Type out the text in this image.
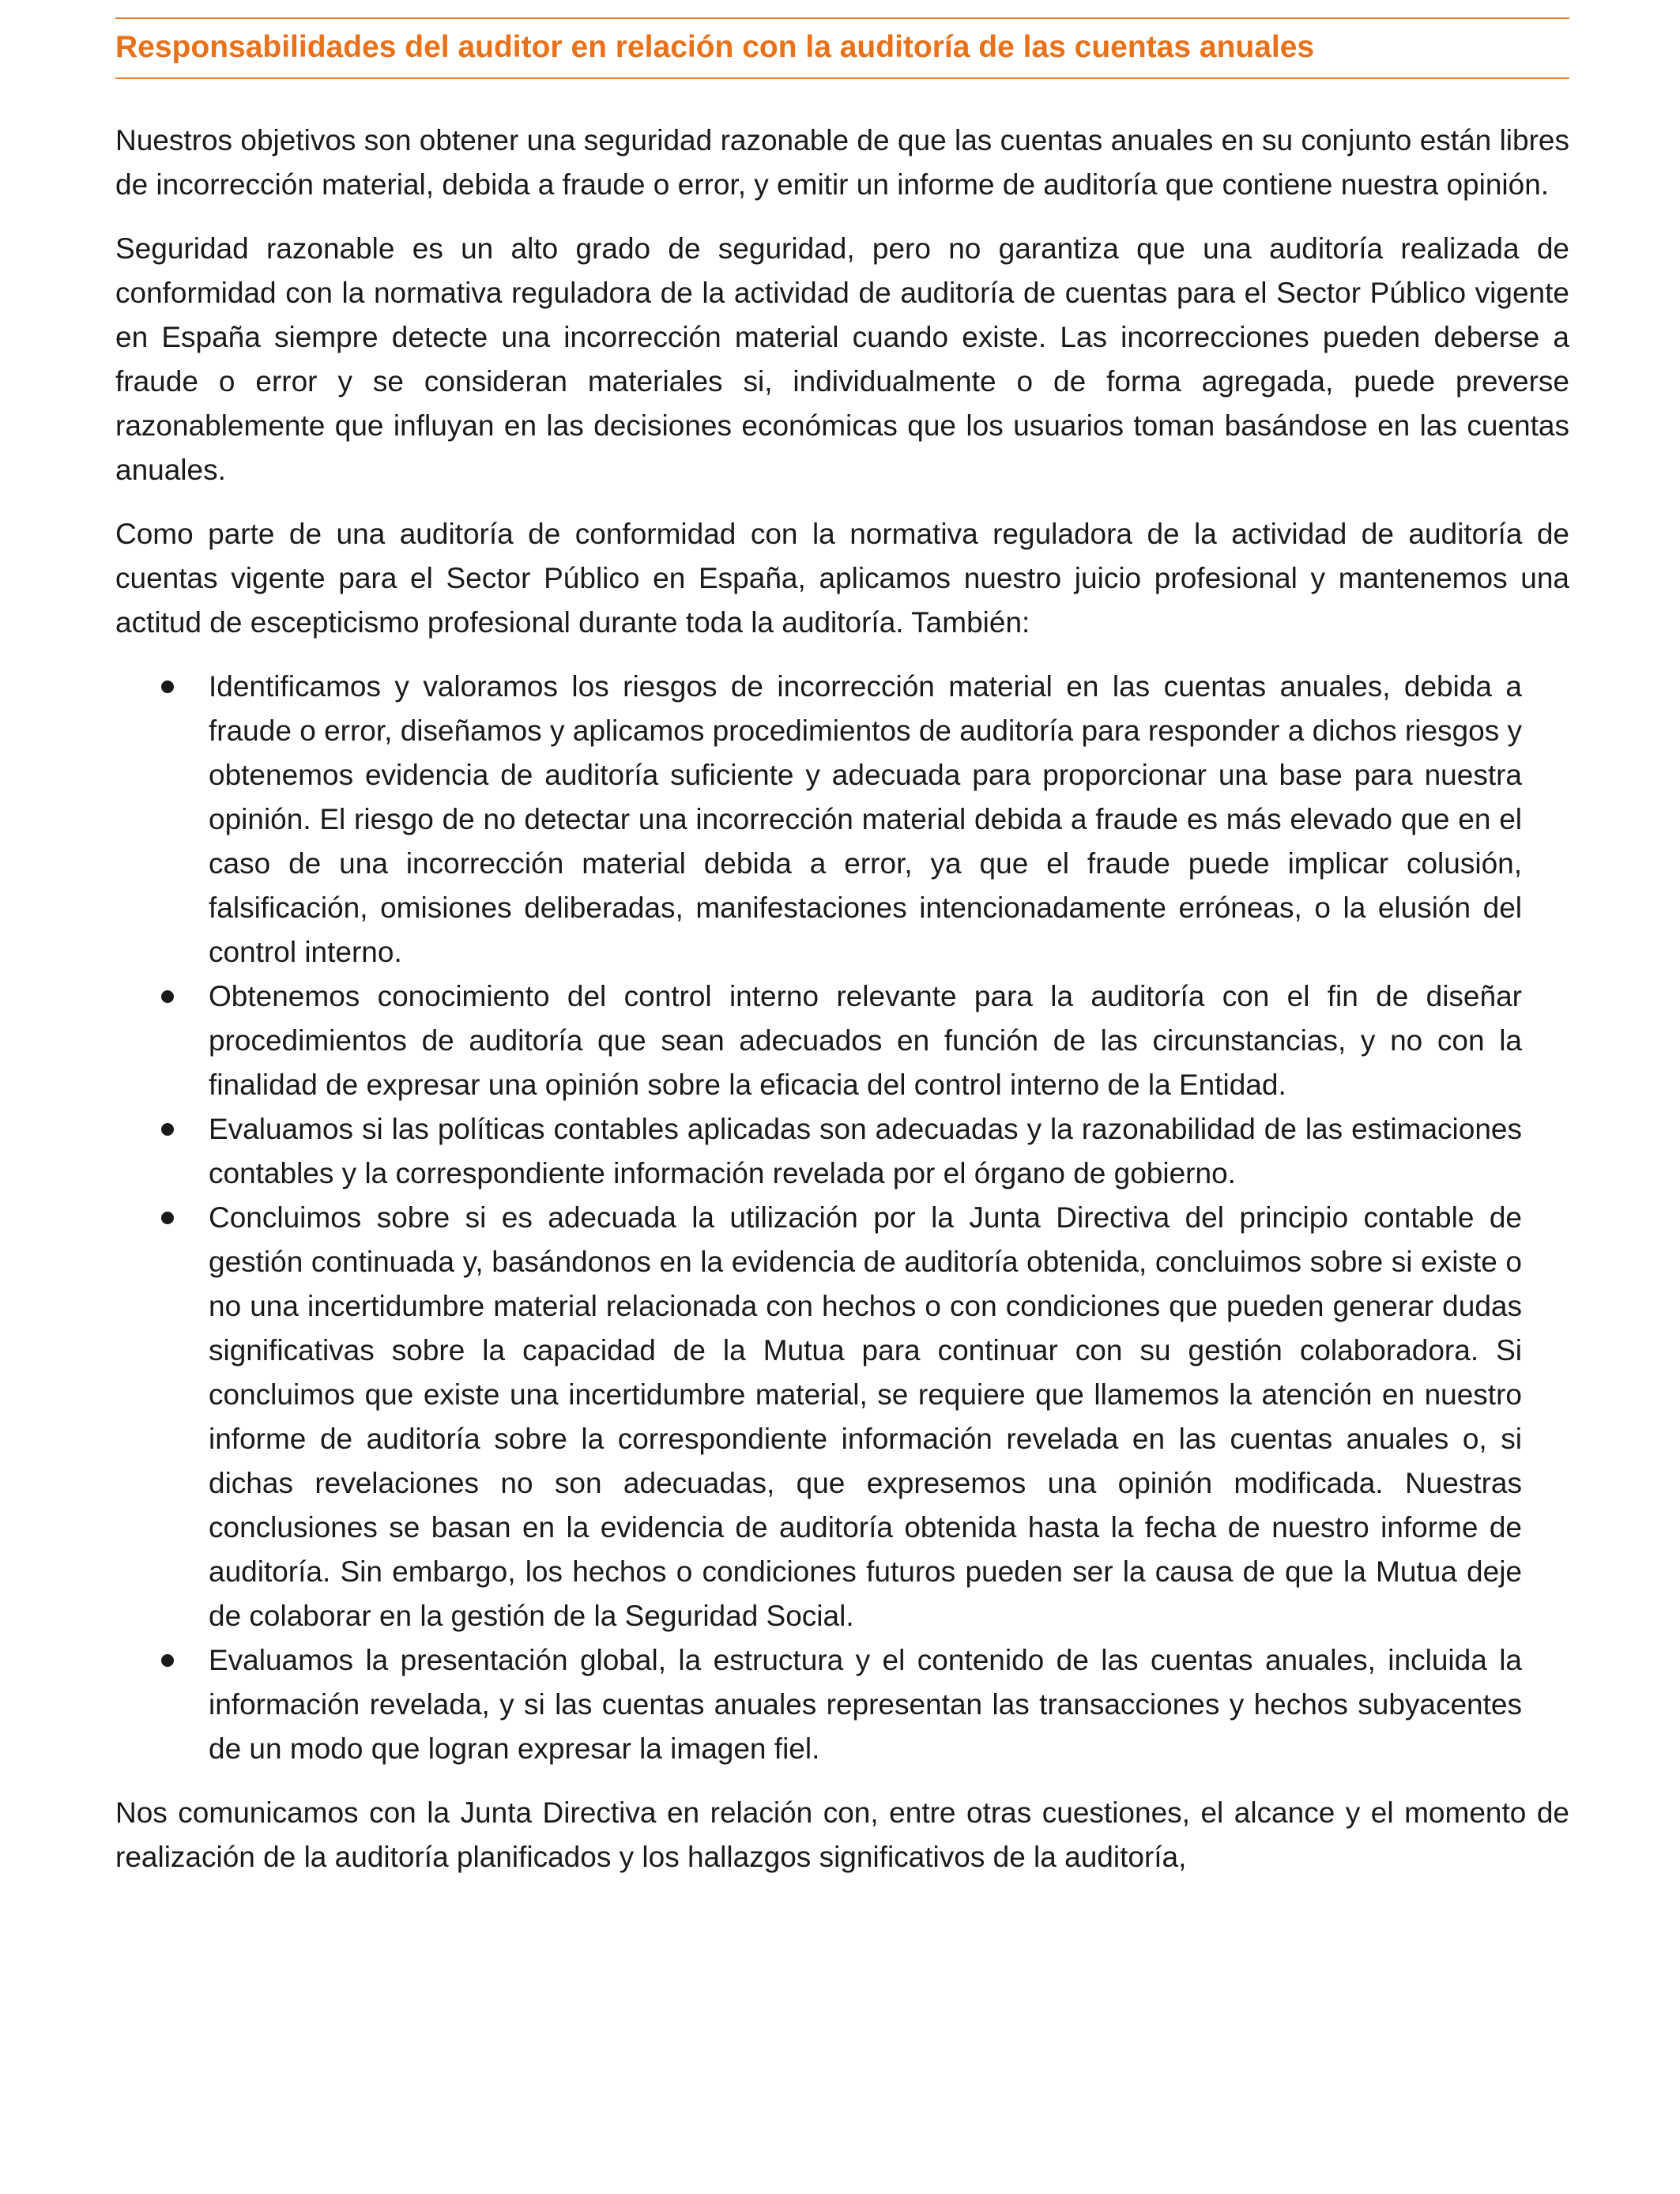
Responsabilidades del auditor en relación con la auditoría de las cuentas anuales

Nuestros objetivos son obtener una seguridad razonable de que las cuentas anuales en su conjunto están libres de incorrección material, debida a fraude o error, y emitir un informe de auditoría que contiene nuestra opinión.

Seguridad razonable es un alto grado de seguridad, pero no garantiza que una auditoría realizada de conformidad con la normativa reguladora de la actividad de auditoría de cuentas para el Sector Público vigente en España siempre detecte una incorrección material cuando existe. Las incorrecciones pueden deberse a fraude o error y se consideran materiales si, individualmente o de forma agregada, puede preverse razonablemente que influyan en las decisiones económicas que los usuarios toman basándose en las cuentas anuales.

Como parte de una auditoría de conformidad con la normativa reguladora de la actividad de auditoría de cuentas vigente para el Sector Público en España, aplicamos nuestro juicio profesional y mantenemos una actitud de escepticismo profesional durante toda la auditoría. También:

Identificamos y valoramos los riesgos de incorrección material en las cuentas anuales, debida a fraude o error, diseñamos y aplicamos procedimientos de auditoría para responder a dichos riesgos y obtenemos evidencia de auditoría suficiente y adecuada para proporcionar una base para nuestra opinión. El riesgo de no detectar una incorrección material debida a fraude es más elevado que en el caso de una incorrección material debida a error, ya que el fraude puede implicar colusión, falsificación, omisiones deliberadas, manifestaciones intencionadamente erróneas, o la elusión del control interno.
Obtenemos conocimiento del control interno relevante para la auditoría con el fin de diseñar procedimientos de auditoría que sean adecuados en función de las circunstancias, y no con la finalidad de expresar una opinión sobre la eficacia del control interno de la Entidad.
Evaluamos si las políticas contables aplicadas son adecuadas y la razonabilidad de las estimaciones contables y la correspondiente información revelada por el órgano de gobierno.
Concluimos sobre si es adecuada la utilización por la Junta Directiva del principio contable de gestión continuada y, basándonos en la evidencia de auditoría obtenida, concluimos sobre si existe o no una incertidumbre material relacionada con hechos o con condiciones que pueden generar dudas significativas sobre la capacidad de la Mutua para continuar con su gestión colaboradora. Si concluimos que existe una incertidumbre material, se requiere que llamemos la atención en nuestro informe de auditoría sobre la correspondiente información revelada en las cuentas anuales o, si dichas revelaciones no son adecuadas, que expresemos una opinión modificada. Nuestras conclusiones se basan en la evidencia de auditoría obtenida hasta la fecha de nuestro informe de auditoría. Sin embargo, los hechos o condiciones futuros pueden ser la causa de que la Mutua deje de colaborar en la gestión de la Seguridad Social.
Evaluamos la presentación global, la estructura y el contenido de las cuentas anuales, incluida la información revelada, y si las cuentas anuales representan las transacciones y hechos subyacentes de un modo que logran expresar la imagen fiel.

Nos comunicamos con la Junta Directiva en relación con, entre otras cuestiones, el alcance y el momento de realización de la auditoría planificados y los hallazgos significativos de la auditoría,
